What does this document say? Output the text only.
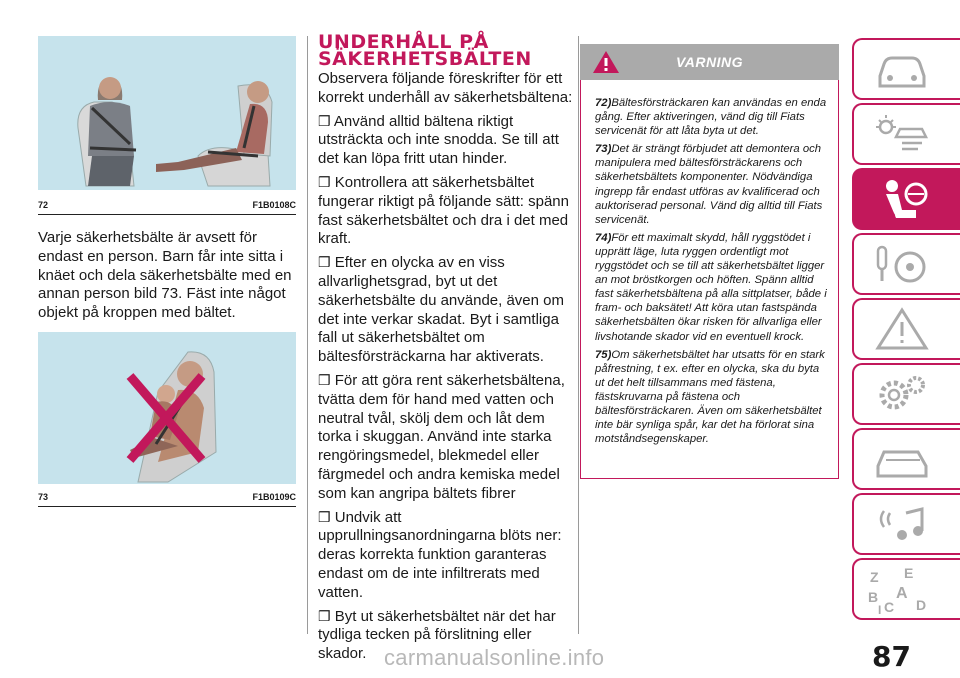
72	F1B0108C

Varje säkerhetsbälte är avsett för endast en person. Barn får inte sitta i knäet och dela säkerhetsbälte med en annan person bild 73. Fäst inte något objekt på kroppen med bältet.

73	F1B0109C
UNDERHÅLL PÅ
SÄKERHETSBÄLTEN

Observera följande föreskrifter för ett korrekt underhåll av säkerhetsbältena:

❒ Använd alltid bältena riktigt utsträckta och inte snodda. Se till att det kan löpa fritt utan hinder.

❒ Kontrollera att säkerhetsbältet fungerar riktigt på följande sätt: spänn fast säkerhetsbältet och dra i det med kraft.

❒ Efter en olycka av en viss allvarlighetsgrad, byt ut det säkerhetsbälte du använde, även om det inte verkar skadat. Byt i samtliga fall ut säkerhetsbältet om bältesförsträckarna har aktiverats.

❒ För att göra rent säkerhetsbältena, tvätta dem för hand med vatten och neutral tvål, skölj dem och låt dem torka i skuggan. Använd inte starka rengöringsmedel, blekmedel eller färgmedel och andra kemiska medel som kan angripa bältets fibrer

❒ Undvik att upprullningsanordningarna blöts ner: deras korrekta funktion garanteras endast om de inte infiltrerats med vatten.

❒ Byt ut säkerhetsbältet när det har tydliga tecken på förslitning eller skador.

VARNING

72)Bältesförsträckaren kan användas en enda gång. Efter aktiveringen, vänd dig till Fiats servicenät för att låta byta ut det.

73)Det är strängt förbjudet att demontera och manipulera med bältesförsträckarens och säkerhetsbältets komponenter. Nödvändiga ingrepp får endast utföras av kvalificerad och auktoriserad personal. Vänd dig alltid till Fiats servicenät.

74)För ett maximalt skydd, håll ryggstödet i upprätt läge, luta ryggen ordentligt mot ryggstödet och se till att säkerhetsbältet ligger an mot bröstkorgen och höften. Spänn alltid fast säkerhetsbältena på alla sittplatser, både i fram- och baksätet! Att köra utan fastspända säkerhetsbälten ökar risken för allvarliga eller livshotande skador vid en eventuell krock.

75)Om säkerhetsbältet har utsatts för en stark påfrestning, t ex. efter en olycka, ska du byta ut det helt tillsammans med fästena, fästskruvarna på fästena och bältesförsträckaren. Även om säkerhetsbältet inte bär synliga spår, kar det ha förlorat sina motståndsegenskaper.

Z E
A
B
C D
I
87
carmanualsonline.info
